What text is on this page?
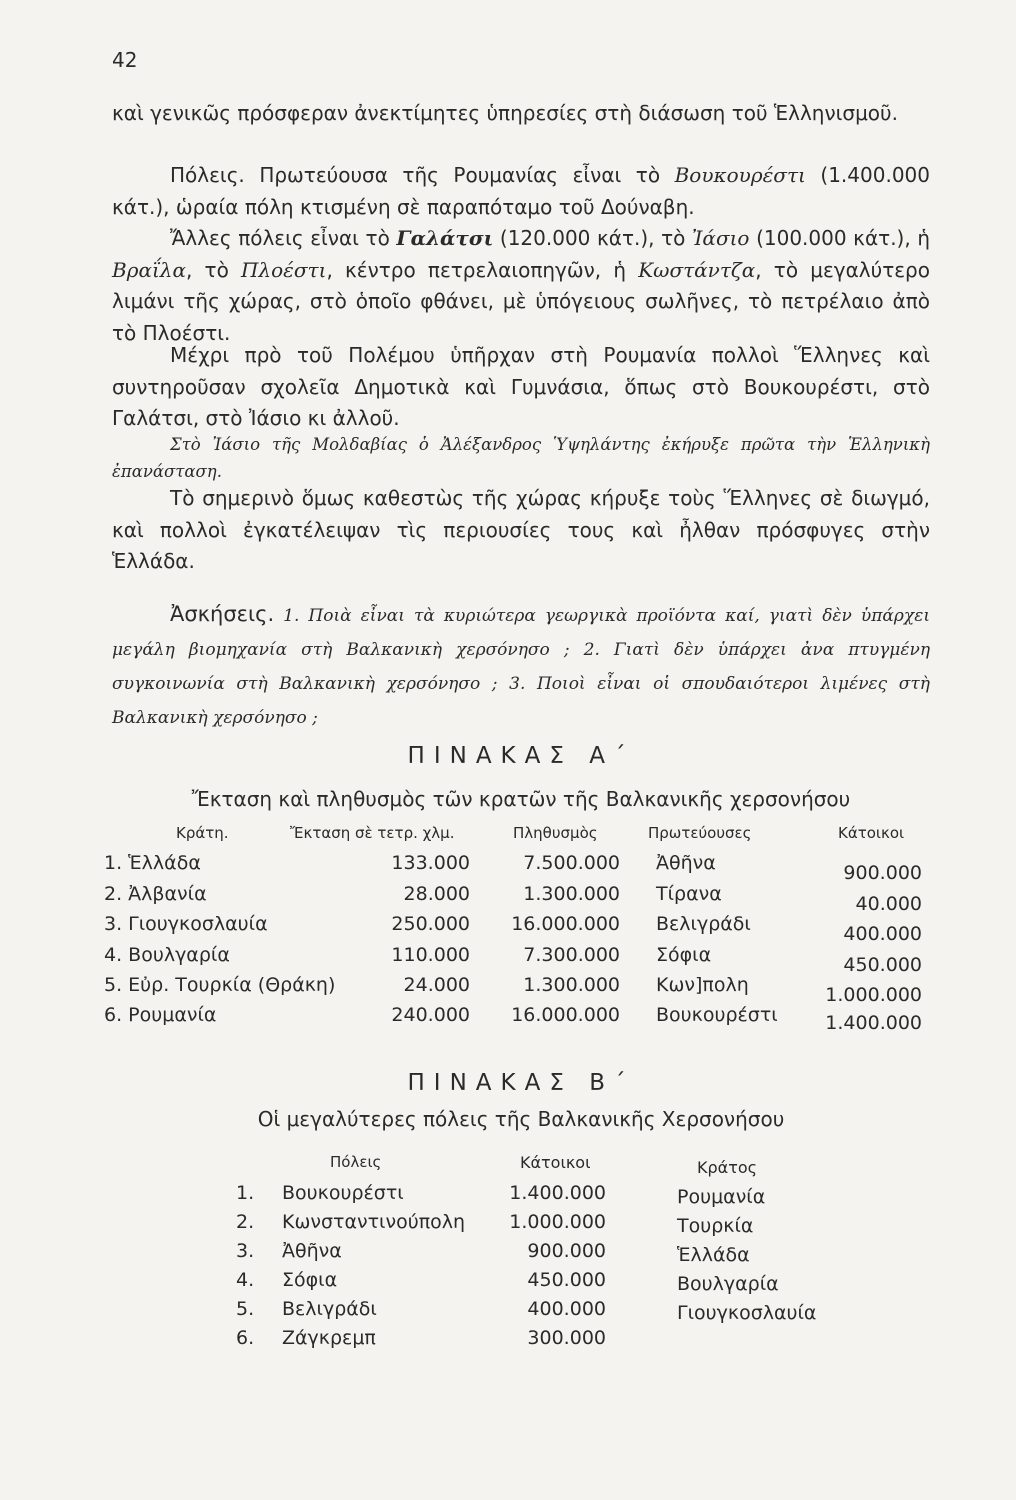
42

καὶ γενικῶς πρόσφεραν ἀνεκτίμητες ὑπηρεσίες στὴ διάσωση τοῦ Ἑλληνισμοῦ.

Πόλεις. Πρωτεύουσα τῆς Ρουμανίας εἶναι τὸ Βουκουρέστι (1.400.000 κάτ.), ὡραία πόλη κτισμένη σὲ παραπόταμο τοῦ Δούναβη.

Ἄλλες πόλεις εἶναι τὸ Γαλάτσι (120.000 κάτ.), τὸ Ἰάσιο (100.000 κάτ.), ἡ Βραΐλα, τὸ Πλοέστι, κέντρο πετρελαιοπηγῶν, ἡ Κωστάντζα, τὸ μεγαλύτερο λιμάνι τῆς χώρας, στὸ ὁποῖο φθάνει, μὲ ὑπόγειους σωλῆνες, τὸ πετρέλαιο ἀπὸ τὸ Πλοέστι.

Μέχρι πρὸ τοῦ Πολέμου ὑπῆρχαν στὴ Ρουμανία πολλοὶ Ἕλληνες καὶ συντηροῦσαν σχολεῖα Δημοτικὰ καὶ Γυμνάσια, ὅπως στὸ Βουκουρέστι, στὸ Γαλάτσι, στὸ Ἰάσιο κι ἀλλοῦ.

Στὸ Ἰάσιο τῆς Μολδαβίας ὁ Ἀλέξανδρος Ὑψηλάντης ἐκήρυξε πρῶτα τὴν Ἑλληνικὴ ἐπανάσταση.

Τὸ σημερινὸ ὅμως καθεστὼς τῆς χώρας κήρυξε τοὺς Ἕλληνες σὲ διωγμό, καὶ πολλοὶ ἐγκατέλειψαν τὶς περιουσίες τους καὶ ἦλθαν πρόσφυγες στὴν Ἑλλάδα.

Ἀσκήσεις. 1. Ποιὰ εἶναι τὰ κυριώτερα γεωργικὰ προϊόντα καί, γιατὶ δὲν ὑπάρχει μεγάλη βιομηχανία στὴ Βαλκανικὴ χερσόνησο ; 2. Γιατὶ δὲν ὑπάρχει ἀνα πτυγμένη συγκοινωνία στὴ Βαλκανικὴ χερσόνησο ; 3. Ποιοὶ εἶναι οἱ σπουδαιότεροι λιμένες στὴ Βαλκανικὴ χερσόνησο ;

ΠΙΝΑΚΑΣ Α΄
Ἔκταση καὶ πληθυσμὸς τῶν κρατῶν τῆς Βαλκανικῆς χερσονήσου
Κράτη.	Ἔκταση σὲ τετρ. χλμ.	Πληθυσμὸς	Πρωτεύουσες	Κάτοικοι
1. Ἑλλάδα	133.000	7.500.000 Ἀθῆνα	900.000
2. Ἀλβανία	28.000	1.300.000 Τίρανα	40.000
3. Γιουγκοσλαυία	250.000	16.000.000 Βελιγράδι	400.000
4. Βουλγαρία	110.000	7.300.000 Σόφια	450.000
5. Εὐρ. Τουρκία (Θράκη)	24.000	1.300.000 Κων]πολη	1.000.000
6. Ρουμανία	240.000	16.000.000 Βουκουρέστι	1.400.000
ΠΙΝΑΚΑΣ Β΄
Οἱ μεγαλύτερες πόλεις τῆς Βαλκανικῆς Χερσονήσου
Πόλεις	Κάτοικοι	Κράτος
1. Βουκουρέστι	1.400.000	Ρουμανία
2. Κωνσταντινούπολη	1.000.000	Τουρκία
3. Ἀθῆνα	900.000	Ἑλλάδα
4. Σόφια	450.000	Βουλγαρία
5. Βελιγράδι	400.000	Γιουγκοσλαυία
6. Ζάγκρεμπ	300.000
